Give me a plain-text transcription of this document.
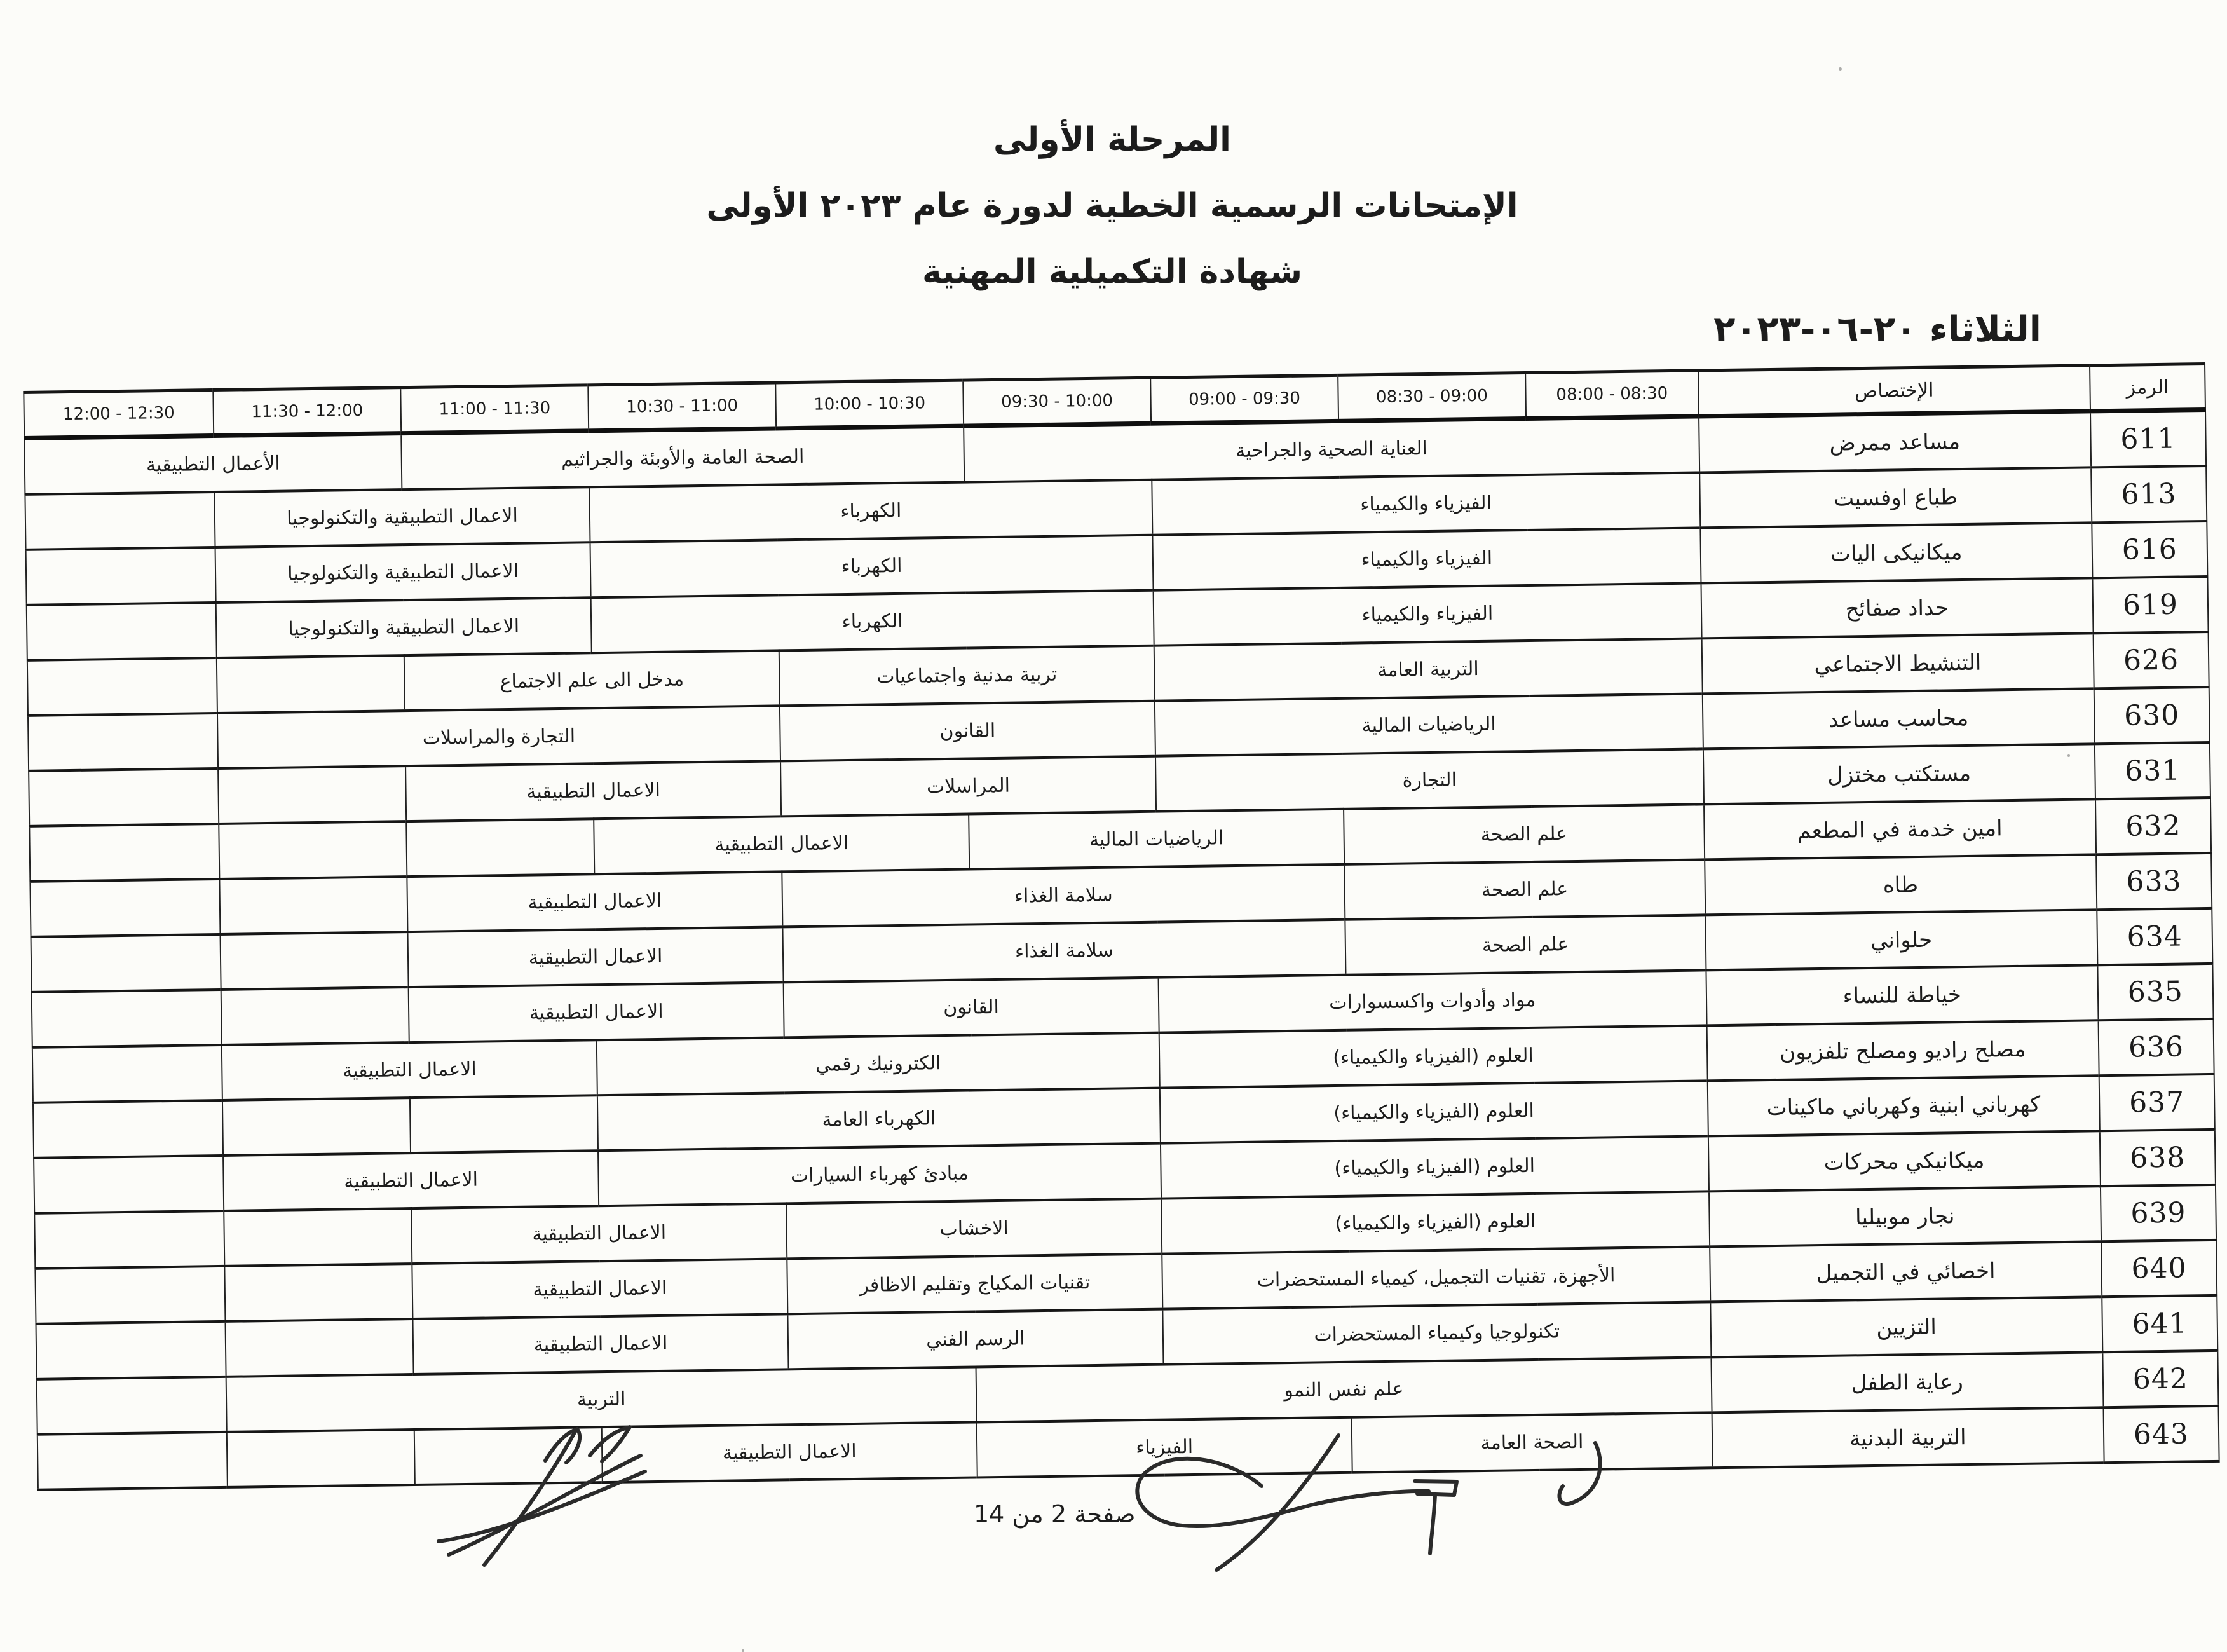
المرحلة الأولى
الإمتحانات الرسمية الخطية لدورة عام ٢٠٢٣ الأولى
شهادة التكميلية المهنية
الثلاثاء ٢٠-٠٦-٢٠٢٣
الرمز	الإختصاص	08:30 - 08:00	09:00 - 08:30	09:30 - 09:00	10:00 - 09:30	10:30 - 10:00	11:00 - 10:30	11:30 - 11:00	12:00 - 11:30	12:30 - 12:00
611	مساعد ممرض	العناية الصحية والجراحية				الصحة العامة والأوبئة والجراثيم			الأعمال التطبيقية	
613	طباع اوفسيت	الفيزياء والكيمياء			الكهرباء			الاعمال التطبيقية والتكنولوجيا		
616	ميكانيكى اليات	الفيزياء والكيمياء			الكهرباء			الاعمال التطبيقية والتكنولوجيا		
619	حداد صفائح	الفيزياء والكيمياء			الكهرباء			الاعمال التطبيقية والتكنولوجيا		
626	التنشيط الاجتماعي	التربية العامة			تربية مدنية واجتماعيات		مدخل الى علم الاجتماع			
630	محاسب مساعد	الرياضيات المالية			القانون		التجارة والمراسلات			
631	مستكتب مختزل	التجارة			المراسلات		الاعمال التطبيقية			
632	امين خدمة في المطعم	علم الصحة		الرياضيات المالية		الاعمال التطبيقية				
633	طاه	علم الصحة		سلامة الغذاء			الاعمال التطبيقية			
634	حلواني	علم الصحة		سلامة الغذاء			الاعمال التطبيقية			
635	خياطة للنساء	مواد وأدوات واكسسوارات			القانون		الاعمال التطبيقية			
636	مصلح راديو ومصلح تلفزيون	العلوم (الفيزياء والكيمياء)			الكترونيك رقمي			الاعمال التطبيقية		
637	كهرباني ابنية وكهرباني ماكينات	العلوم (الفيزياء والكيمياء)			الكهرباء العامة					
638	ميكانيكي محركات	العلوم (الفيزياء والكيمياء)			مبادئ كهرباء السيارات			الاعمال التطبيقية		
639	نجار موبيليا	العلوم (الفيزياء والكيمياء)			الاخشاب		الاعمال التطبيقية			
640	اخصائي في التجميل	الأجهزة، تقنيات التجميل، كيمياء المستحضرات			تقنيات المكياج وتقليم الاظافر		الاعمال التطبيقية			
641	التزيين	تكنولوجيا وكيمياء المستحضرات			الرسم الفني		الاعمال التطبيقية			
642	رعاية الطفل	علم نفس النمو				التربية				
643	التربية البدنية	الصحة العامة		الفيزياء		الاعمال التطبيقية				
صفحة 2 من 14
